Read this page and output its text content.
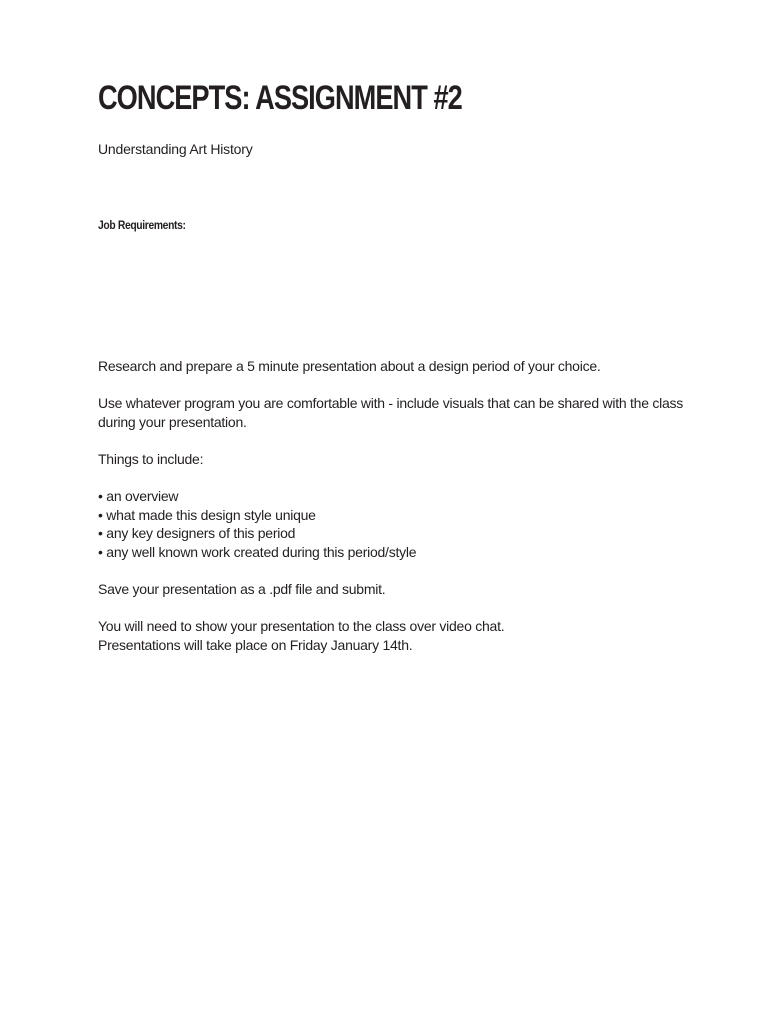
CONCEPTS: ASSIGNMENT #2
Understanding Art History
Job Requirements:

Research and prepare a 5 minute presentation about a design period of your choice.

Use whatever program you are comfortable with - include visuals that can be shared with the class during your presentation.

Things to include:

• an overview
• what made this design style unique
• any key designers of this period
• any well known work created during this period/style

Save your presentation as a .pdf file and submit.

You will need to show your presentation to the class over video chat.
Presentations will take place on Friday January 14th.
